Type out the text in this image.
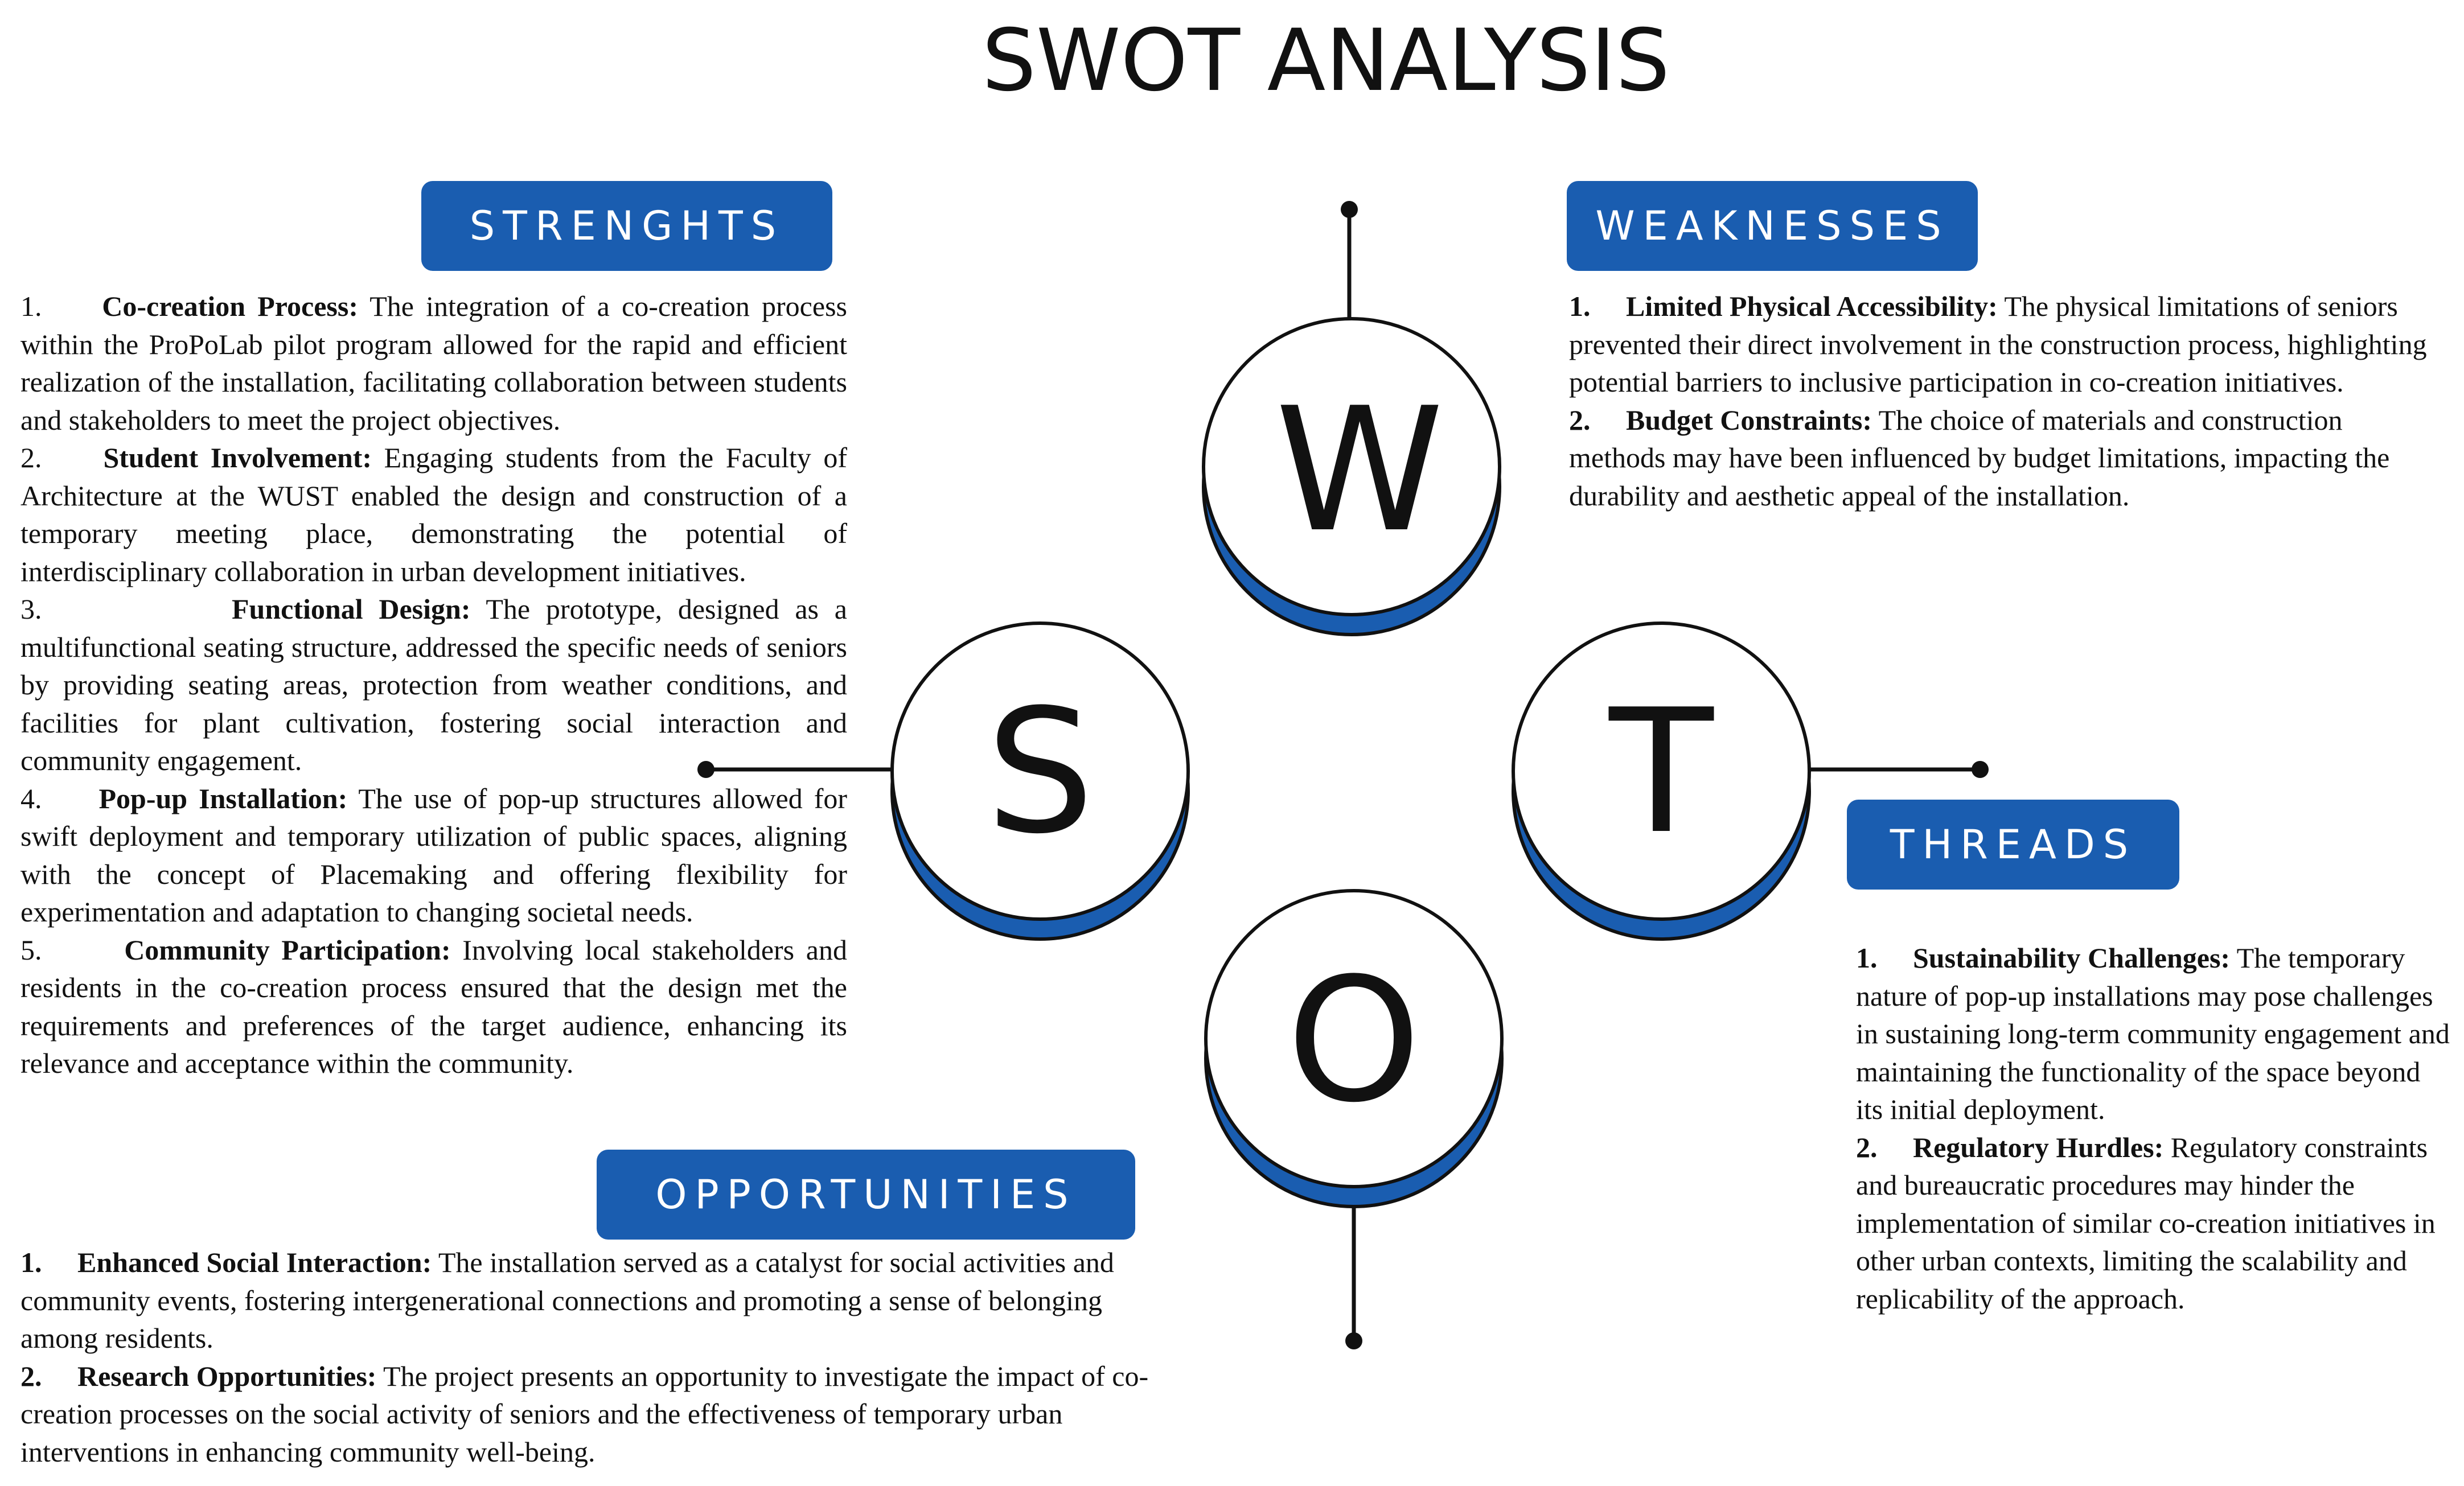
SWOT ANALYSIS
W
S	T
O
STRENGHTS

1. Co-creation Process: The integration of a co-creation process within the ProPoLab pilot program allowed for the rapid and efficient realization of the installation, facilitating collaboration between students and stakeholders to meet the project objectives.

2. Student Involvement: Engaging students from the Faculty of Architecture at the WUST enabled the design and construction of a temporary meeting place, demonstrating the potential of interdisciplinary collaboration in urban development initiatives.

3.	Functional Design: The prototype, designed as a multifunctional seating structure, addressed the specific needs of seniors by providing seating areas, protection from weather conditions, and facilities for plant cultivation, fostering social interaction and community engagement.

4. Pop-up Installation: The use of pop-up structures allowed for swift deployment and temporary utilization of public spaces, aligning with the concept of Placemaking and offering flexibility for experimentation and adaptation to changing societal needs.

5.	Community Participation: Involving local stakeholders and residents in the co-creation process ensured that the design met the requirements and preferences of the target audience, enhancing its relevance and acceptance within the community.

WEAKNESSES

1. Limited Physical Accessibility: The physical limitations of seniors prevented their direct involvement in the construction process, highlighting potential barriers to inclusive participation in co-creation initiatives.

2. Budget Constraints: The choice of materials and construction methods may have been influenced by budget limitations, impacting the durability and aesthetic appeal of the installation.

THREADS

1. Sustainability Challenges: The temporary nature of pop-up installations may pose challenges in sustaining long-term community engagement and maintaining the functionality of the space beyond its initial deployment.

2. Regulatory Hurdles: Regulatory constraints and bureaucratic procedures may hinder the implementation of similar co-creation initiatives in other urban contexts, limiting the scalability and replicability of the approach.

OPPORTUNITIES

1. Enhanced Social Interaction: The installation served as a catalyst for social activities and community events, fostering intergenerational connections and promoting a sense of belonging among residents.

2. Research Opportunities: The project presents an opportunity to investigate the impact of co-creation processes on the social activity of seniors and the effectiveness of temporary urban interventions in enhancing community well-being.
